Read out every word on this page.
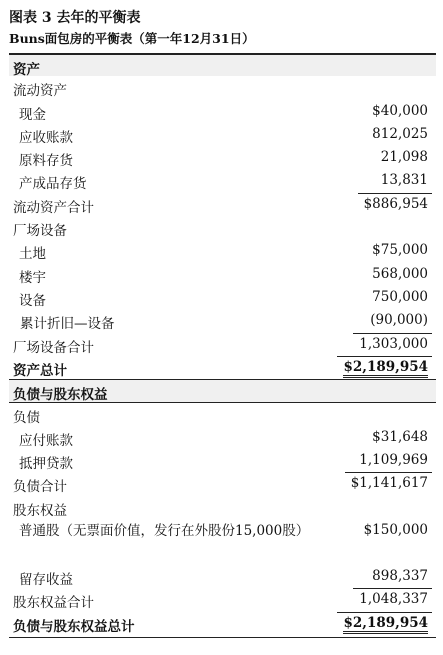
图表 3 去年的平衡表
Buns面包房的平衡表（第一年12月31日）
资产
流动资产
现金	$40,000
应收账款	812,025
原料存货	21,098
产成品存货	13,831
流动资产合计	$886,954
厂场设备
土地	$75,000
楼宇	568,000
设备	750,000
累计折旧—设备	(90,000)
厂场设备合计	1,303,000
资产总计	$2,189,954
负债与股东权益
负债
应付账款	$31,648
抵押贷款	1,109,969
负债合计	$1,141,617
股东权益
普通股（无票面价值，发行在外股份15,000股）	$150,000
留存收益	898,337
股东权益合计	1,048,337
负债与股东权益总计	$2,189,954
